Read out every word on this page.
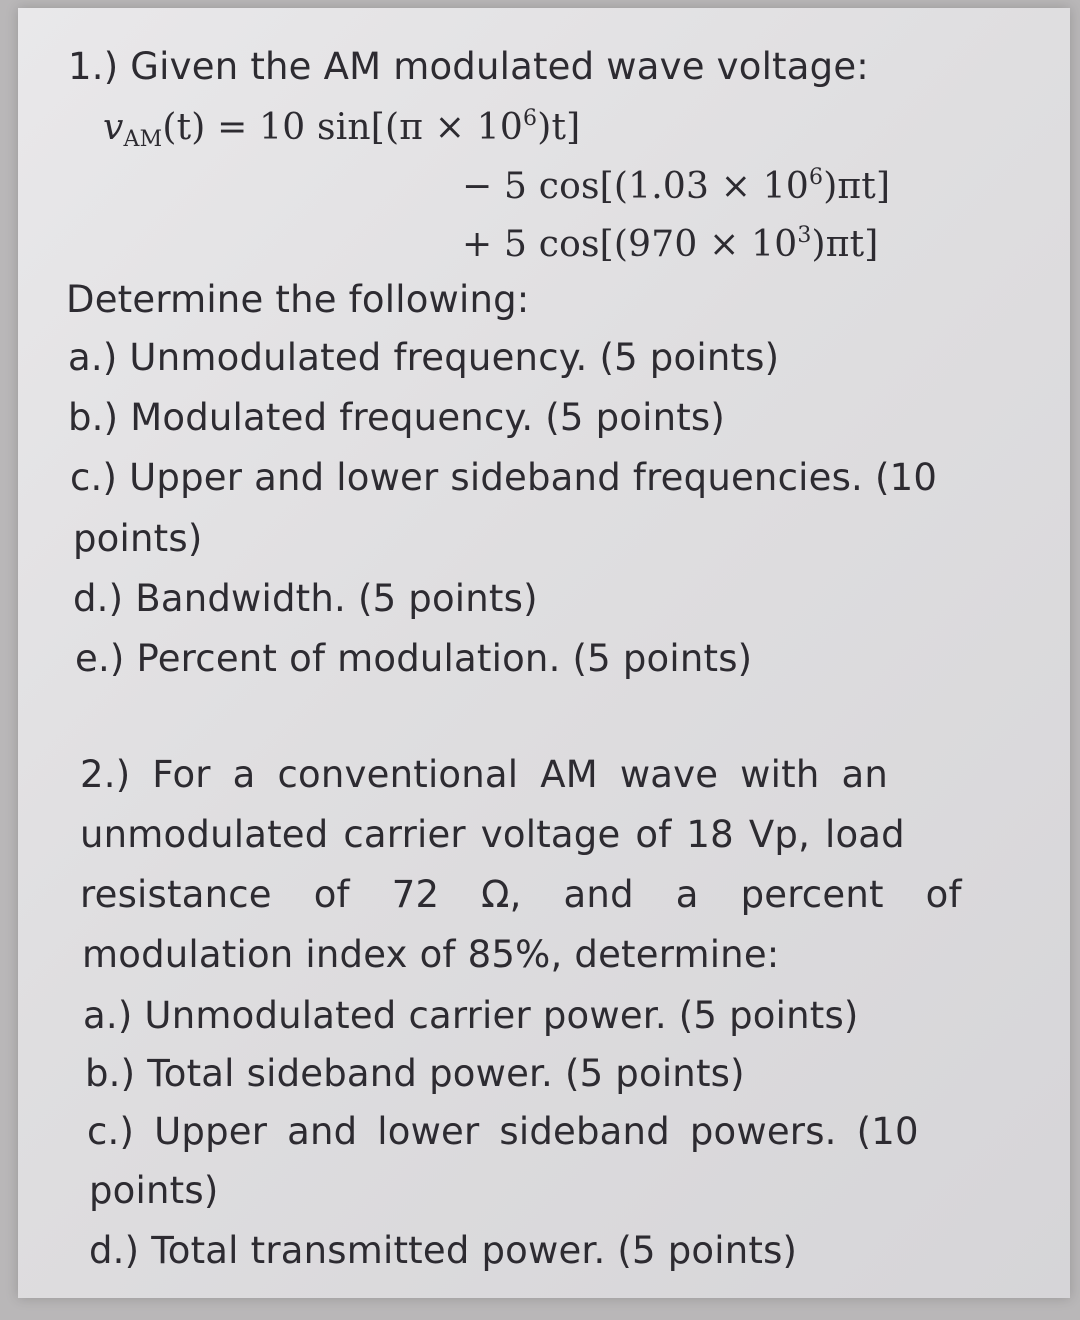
1.) Given the AM modulated wave voltage:
$v_{AM}(t) = 10$ $\sin[(\pi \times 10^6)t]$
− 5 $\cos[(1.03 \times 10^6)\pi t]$
+ 5 $\cos[(970 \times 10^3)\pi t]$
Determine the following:
a.) Unmodulated frequency. (5 points)
b.) Modulated frequency. (5 points)
c.) Upper and lower sideband frequencies. (10
points)
d.) Bandwidth. (5 points)
e.) Percent of modulation. (5 points)
2.) For a conventional AM wave with an
unmodulated carrier voltage of 18 Vp, load
resistance of 72 Ω, and a percent of
modulation index of 85%, determine:
a.) Unmodulated carrier power. (5 points)
b.) Total sideband power. (5 points)
c.) Upper and lower sideband powers. (10
points)
d.) Total transmitted power. (5 points)
